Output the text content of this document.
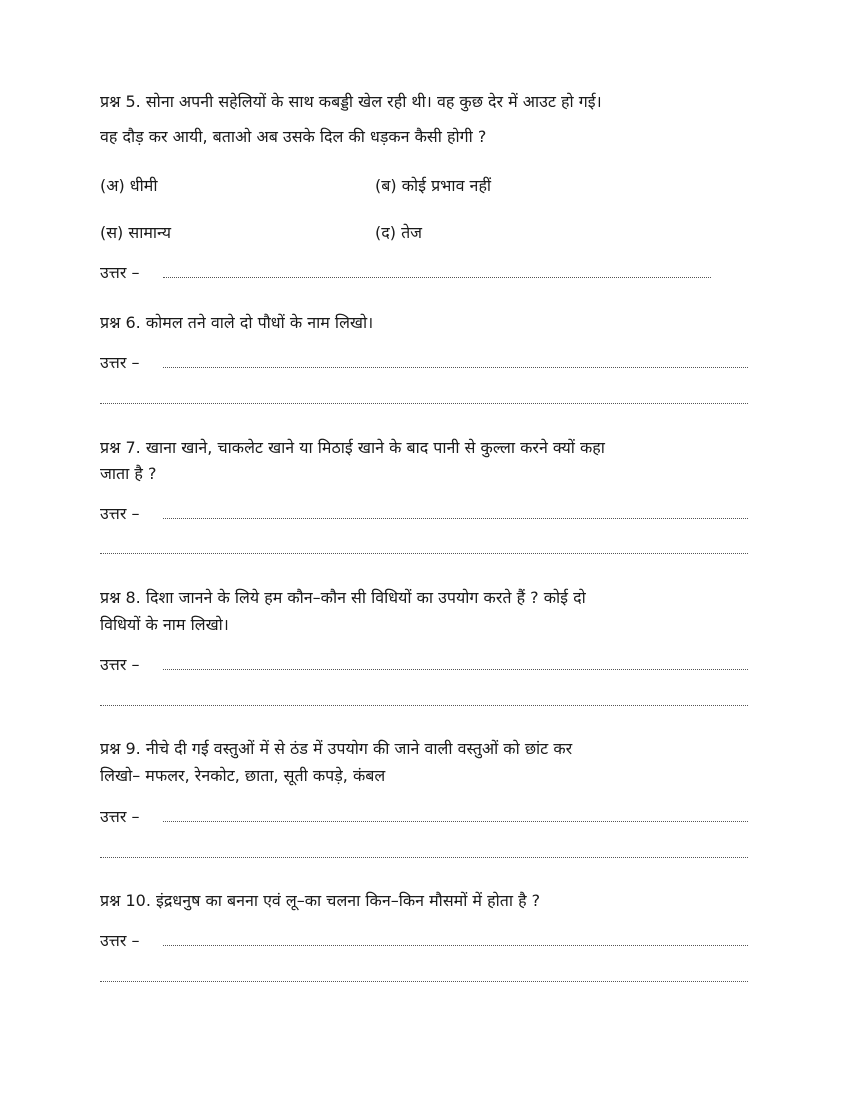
प्रश्न 5. सोना अपनी सहेलियों के साथ कबड्डी खेल रही थी। वह कुछ देर में आउट हो गई।
वह दौड़ कर आयी, बताओ अब उसके दिल की धड़कन कैसी होगी ?
(अ) धीमी	(ब) कोई प्रभाव नहीं
(स) सामान्य	(द) तेज
उत्तर –
प्रश्न 6. कोमल तने वाले दो पौधों के नाम लिखो।
उत्तर –
प्रश्न 7. खाना खाने, चाकलेट खाने या मिठाई खाने के बाद पानी से कुल्ला करने क्यों कहा
जाता है ?
उत्तर –
प्रश्न 8. दिशा जानने के लिये हम कौन–कौन सी विधियों का उपयोग करते हैं ? कोई दो
विधियों के नाम लिखो।
उत्तर –
प्रश्न 9. नीचे दी गई वस्तुओं में से ठंड में उपयोग की जाने वाली वस्तुओं को छांट कर
लिखो– मफलर, रेनकोट, छाता, सूती कपड़े, कंबल
उत्तर –
प्रश्न 10. इंद्रधनुष का बनना एवं लू–का चलना किन–किन मौसमों में होता है ?
उत्तर –
